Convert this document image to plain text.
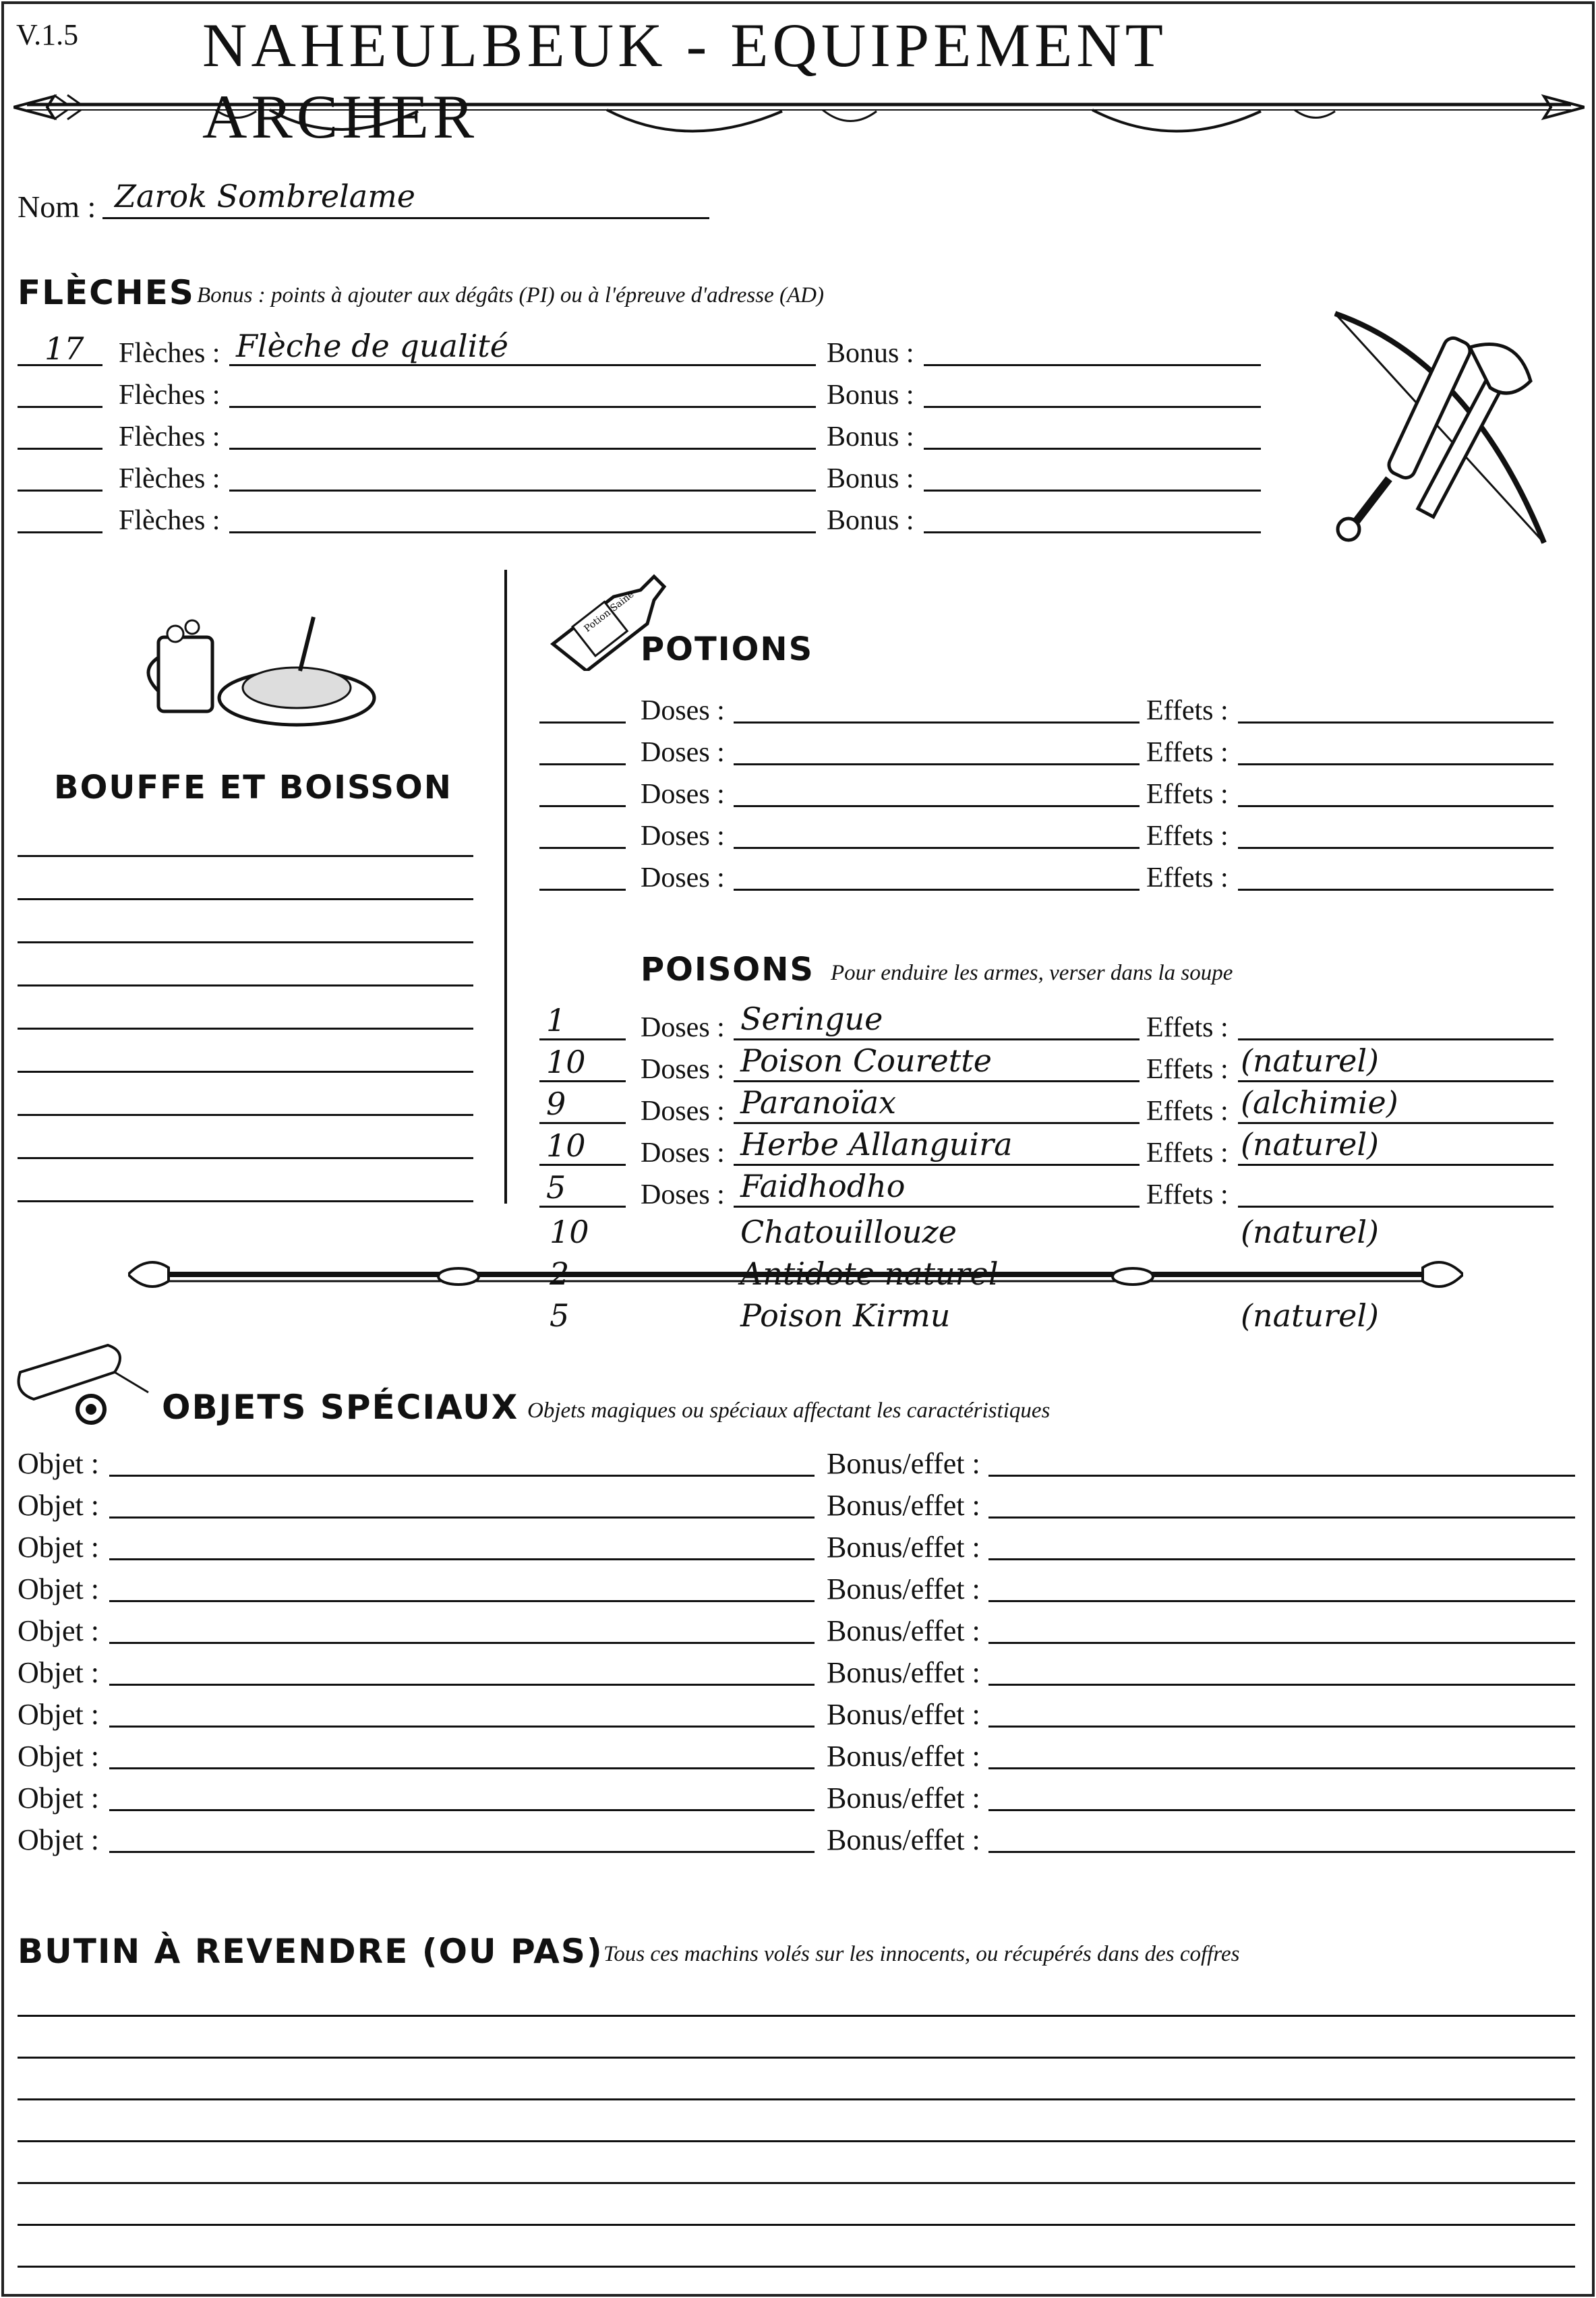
V.1.5 NAHEULBEUK - EQUIPEMENT ARCHER
Nom : Zarok Sombrelame
FLÈCHES Bonus : points à ajouter aux dégâts (PI) ou à l'épreuve d'adresse (AD)
17 Flèches : Flèche de qualité	Bonus :
Flèches :	Bonus :
Flèches :	Bonus :
Flèches :	Bonus :
Flèches :	Bonus :
BOUFFE ET BOISSON
Potion Saine
POTIONS
Doses :	Effets :
Doses :	Effets :
Doses :	Effets :
Doses :	Effets :
Doses :	Effets :
POISONS Pour enduire les armes, verser dans la soupe
1	Doses : Seringue	Effets :
10 Doses : Poison Courette	Effets : (naturel)
9	Doses : Paranoïax	Effets : (alchimie)
10 Doses : Herbe Allanguira	Effets : (naturel)
5	Doses : Faidhodho	Effets :
10	Chatouillouze	(naturel)
2	Antidote naturel
5	Poison Kirmu	(naturel)
OBJETS SPÉCIAUX Objets magiques ou spéciaux affectant les caractéristiques
Objet :	Bonus/effet :
Objet :	Bonus/effet :
Objet :	Bonus/effet :
Objet :	Bonus/effet :
Objet :	Bonus/effet :
Objet :	Bonus/effet :
Objet :	Bonus/effet :
Objet :	Bonus/effet :
Objet :	Bonus/effet :
Objet :	Bonus/effet :
BUTIN À REVENDRE (OU PAS) Tous ces machins volés sur les innocents, ou récupérés dans des coffres
